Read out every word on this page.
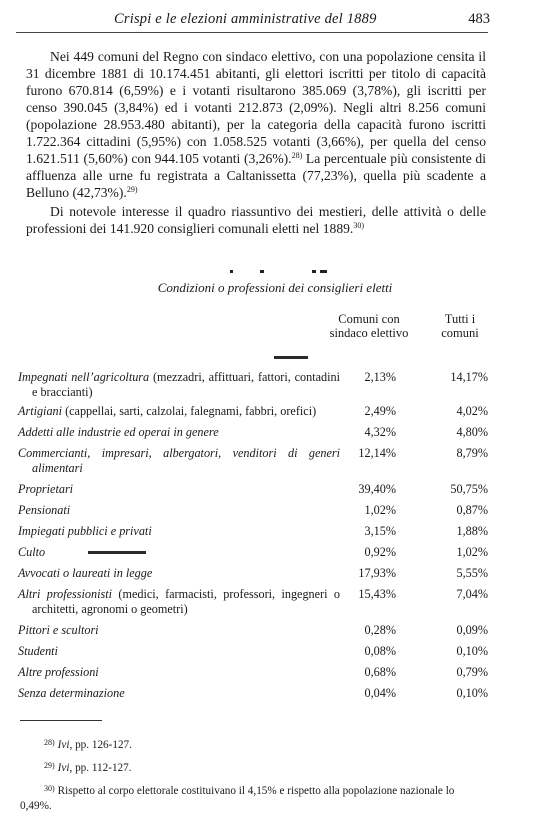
Crispi e le elezioni amministrative del 1889	483

Nei 449 comuni del Regno con sindaco elettivo, con una popolazione censita il 31 dicembre 1881 di 10.174.451 abitanti, gli elettori iscritti per titolo di capacità furono 670.814 (6,59%) e i votanti risultarono 385.069 (3,78%), gli iscritti per censo 390.045 (3,84%) ed i votanti 212.873 (2,09%). Negli altri 8.256 comuni (popolazione 28.953.480 abitanti), per la categoria della capacità furono iscritti 1.722.364 cittadini (5,95%) con 1.058.525 votanti (3,66%), per quella del censo 1.621.511 (5,60%) con 944.105 votanti (3,26%).$^{28)}$ La percentuale più consistente di affluenza alle urne fu registrata a Caltanissetta (77,23%), quella più scadente a Belluno (42,73%).$^{29)}$

Di notevole interesse il quadro riassuntivo dei mestieri, delle attività o delle professioni dei 141.920 consiglieri comunali eletti nel 1889.$^{30)}$

Condizioni o professioni dei consiglieri eletti
Comuni con sindaco elettivo
Tutti i comuni
Impegnati nell’agricoltura (mezzadri, affittuari, fattori, contadini e braccianti)
2,13%	14,17%
Artigiani (cappellai, sarti, calzolai, falegnami, fabbri, orefici)	2,49%	4,02%
Addetti alle industrie ed operai in genere	4,32%	4,80%
Commercianti, impresari, albergatori, venditori di generi alimentari
12,14%	8,79%
Proprietari	39,40%	50,75%
Pensionati	1,02%	0,87%
Impiegati pubblici e privati	3,15%	1,88%
Culto	0,92%	1,02%
Avvocati o laureati in legge	17,93%	5,55%
Altri professionisti (medici, farmacisti, professori, ingegneri o architetti, agronomi o geometri)
15,43%	7,04%
Pittori e scultori	0,28%	0,09%
Studenti	0,08%	0,10%
Altre professioni	0,68%	0,79%
Senza determinazione	0,04%	0,10%

$^{28)}$ Ivi, pp. 126-127.

$^{29)}$ Ivi, pp. 112-127.

$^{30)}$ Rispetto al corpo elettorale costituivano il 4,15% e rispetto alla popolazione nazionale lo 0,49%.
